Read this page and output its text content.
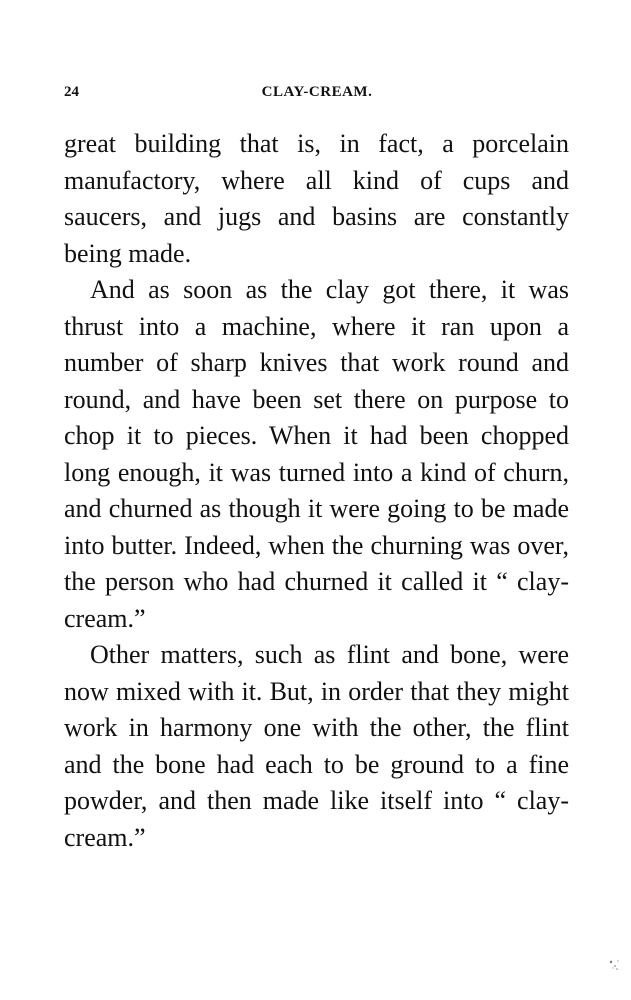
24	CLAY-CREAM.

great building that is, in fact, a porcelain manufactory, where all kind of cups and saucers, and jugs and basins are constantly being made.

And as soon as the clay got there, it was thrust into a machine, where it ran upon a number of sharp knives that work round and round, and have been set there on purpose to chop it to pieces. When it had been chopped long enough, it was turned into a kind of churn, and churned as though it were going to be made into butter. Indeed, when the churning was over, the person who had churned it called it “ claycream.”

Other matters, such as flint and bone, were now mixed with it. But, in order that they might work in harmony one with the other, the flint and the bone had each to be ground to a fine powder, and then made like itself into “ clay-cream.”
